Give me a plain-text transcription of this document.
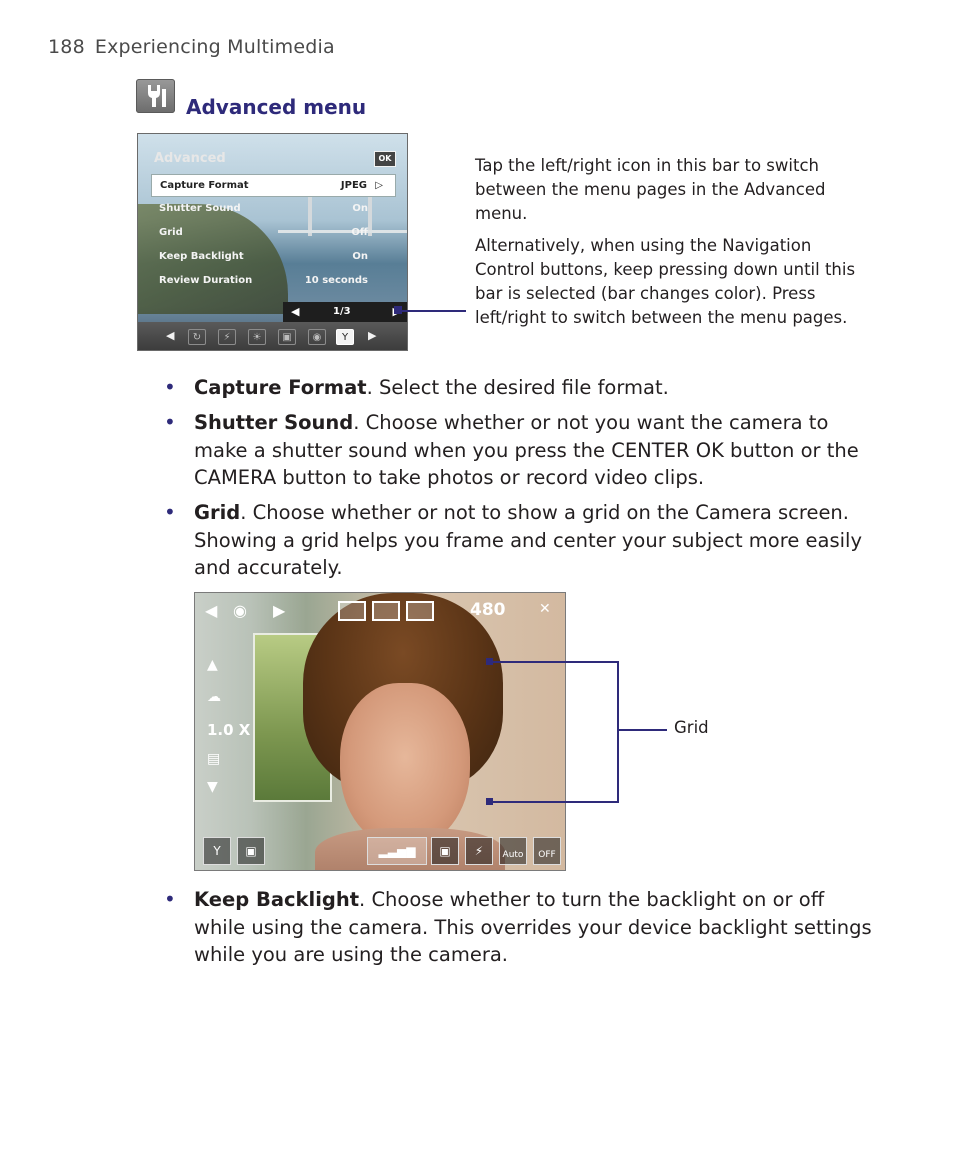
188 Experiencing Multimedia
Advanced menu
Advanced	OK
Capture Format	JPEG ▷
Shutter Sound	On
Grid	Off
Keep Backlight	On
Review Duration	10 seconds
◀	1/3
◀	↻	⚡	☀	▣	◉	Y	▶
Tap the left/right icon in this bar to switch between the menu pages in the Advanced menu.
Alternatively, when using the Navigation Control buttons, keep pressing down until this bar is selected (bar changes color). Press left/right to switch between the menu pages.
• Capture Format. Select the desired file format.
• Shutter Sound. Choose whether or not you want the camera to make a shutter sound when you press the CENTER OK button or the CAMERA button to take photos or record video clips.
• Grid. Choose whether or not to show a grid on the Camera screen. Showing a grid helps you frame and center your subject more easily and accurately.
◀ ◉ ▶	480 ✕
▲
☁
1.0 X
▤
▼
Y	▣	▂▃▅▆	▣	⚡	Auto	OFF
Grid
• Keep Backlight. Choose whether to turn the backlight on or off while using the camera. This overrides your device backlight settings while you are using the camera.
